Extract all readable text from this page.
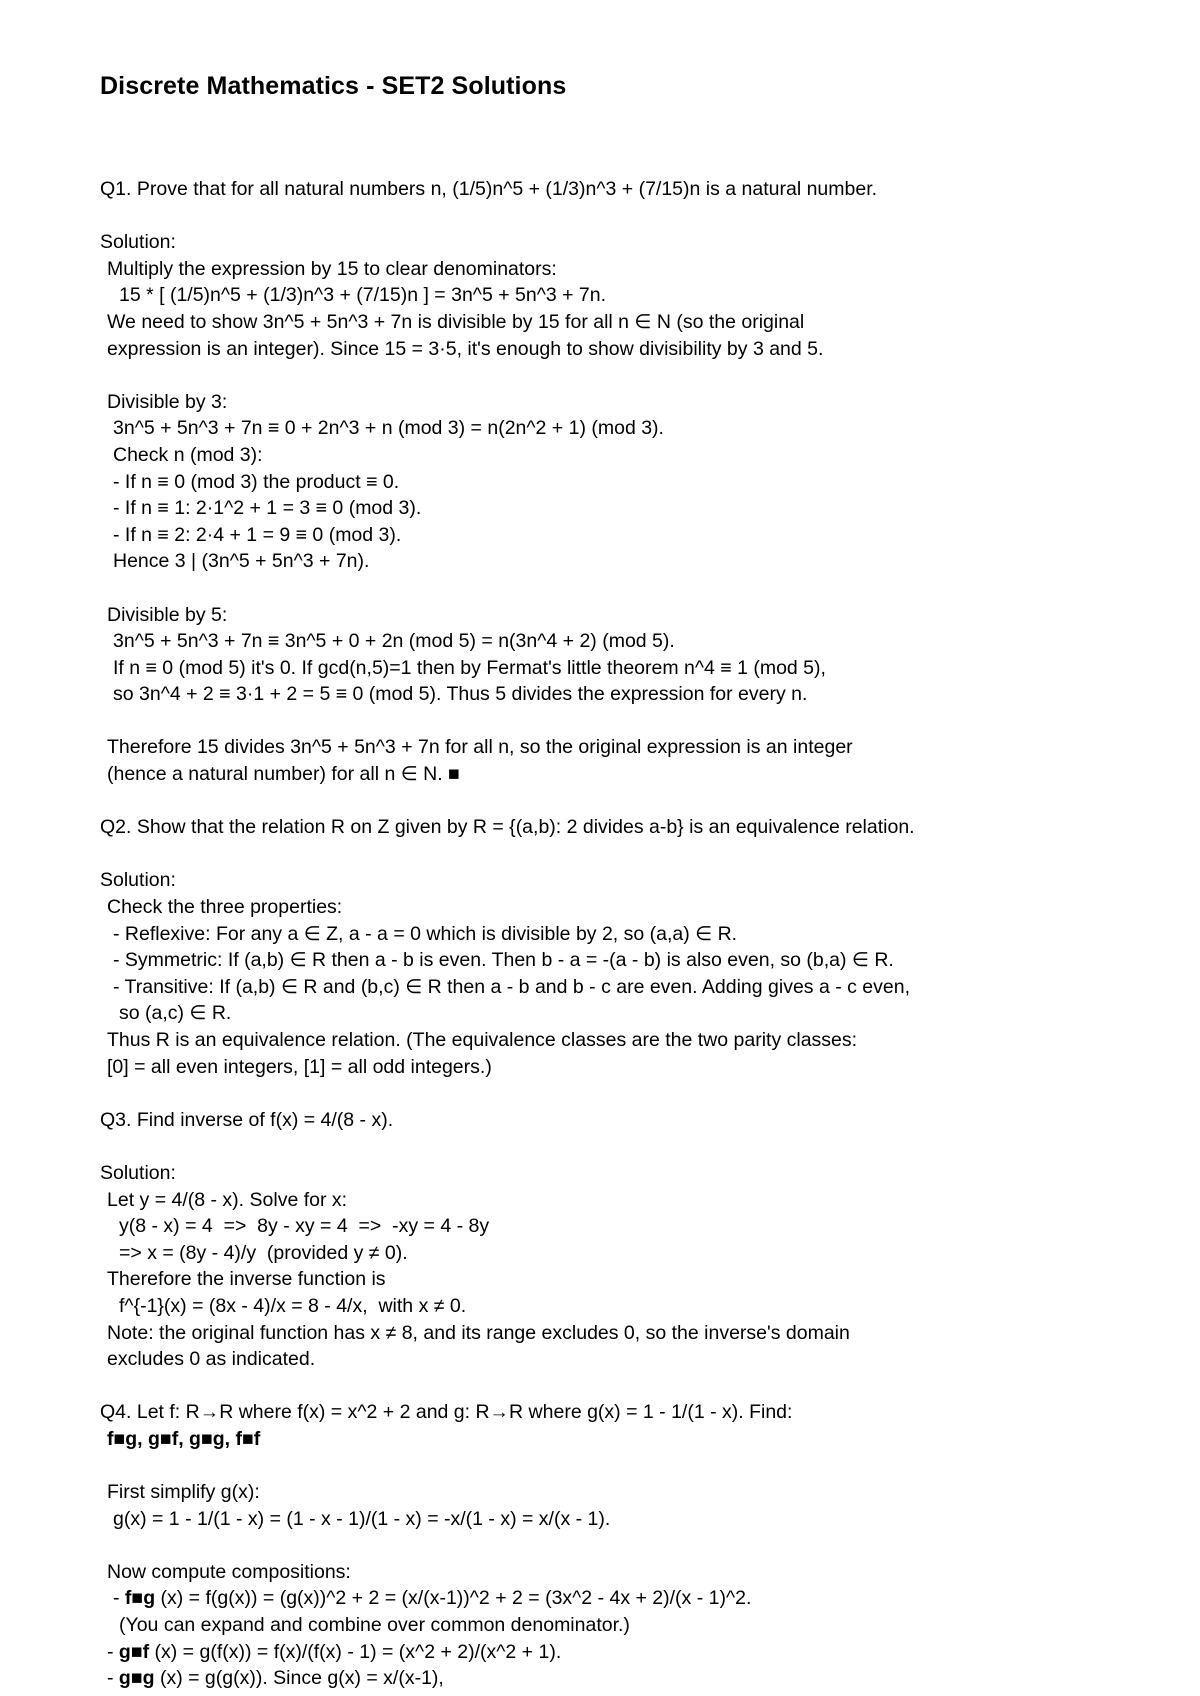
Discrete Mathematics - SET2 Solutions
Q1. Prove that for all natural numbers n, (1/5)n^5 + (1/3)n^3 + (7/15)n is a natural number.
Solution:
Multiply the expression by 15 to clear denominators:
15 * [ (1/5)n^5 + (1/3)n^3 + (7/15)n ] = 3n^5 + 5n^3 + 7n.
We need to show 3n^5 + 5n^3 + 7n is divisible by 15 for all n ∈ N (so the original
expression is an integer). Since 15 = 3·5, it's enough to show divisibility by 3 and 5.
Divisible by 3:
3n^5 + 5n^3 + 7n ≡ 0 + 2n^3 + n (mod 3) = n(2n^2 + 1) (mod 3).
Check n (mod 3):
- If n ≡ 0 (mod 3) the product ≡ 0.
- If n ≡ 1: 2·1^2 + 1 = 3 ≡ 0 (mod 3).
- If n ≡ 2: 2·4 + 1 = 9 ≡ 0 (mod 3).
Hence 3 | (3n^5 + 5n^3 + 7n).
Divisible by 5:
3n^5 + 5n^3 + 7n ≡ 3n^5 + 0 + 2n (mod 5) = n(3n^4 + 2) (mod 5).
If n ≡ 0 (mod 5) it's 0. If gcd(n,5)=1 then by Fermat's little theorem n^4 ≡ 1 (mod 5),
so 3n^4 + 2 ≡ 3·1 + 2 = 5 ≡ 0 (mod 5). Thus 5 divides the expression for every n.
Therefore 15 divides 3n^5 + 5n^3 + 7n for all n, so the original expression is an integer
(hence a natural number) for all n ∈ N. ■
Q2. Show that the relation R on Z given by R = {(a,b): 2 divides a-b} is an equivalence relation.
Solution:
Check the three properties:
- Reflexive: For any a ∈ Z, a - a = 0 which is divisible by 2, so (a,a) ∈ R.
- Symmetric: If (a,b) ∈ R then a - b is even. Then b - a = -(a - b) is also even, so (b,a) ∈ R.
- Transitive: If (a,b) ∈ R and (b,c) ∈ R then a - b and b - c are even. Adding gives a - c even,
so (a,c) ∈ R.
Thus R is an equivalence relation. (The equivalence classes are the two parity classes:
[0] = all even integers, [1] = all odd integers.)
Q3. Find inverse of f(x) = 4/(8 - x).
Solution:
Let y = 4/(8 - x). Solve for x:
y(8 - x) = 4  =>  8y - xy = 4  =>  -xy = 4 - 8y
=> x = (8y - 4)/y  (provided y ≠ 0).
Therefore the inverse function is
f^{-1}(x) = (8x - 4)/x = 8 - 4/x,  with x ≠ 0.
Note: the original function has x ≠ 8, and its range excludes 0, so the inverse's domain
excludes 0 as indicated.
Q4. Let f: R→R where f(x) = x^2 + 2 and g: R→R where g(x) = 1 - 1/(1 - x). Find:
f■g, g■f, g■g, f■f
First simplify g(x):
g(x) = 1 - 1/(1 - x) = (1 - x - 1)/(1 - x) = -x/(1 - x) = x/(x - 1).
Now compute compositions:
- f■g (x) = f(g(x)) = (g(x))^2 + 2 = (x/(x-1))^2 + 2 = (3x^2 - 4x + 2)/(x - 1)^2.
(You can expand and combine over common denominator.)
- g■f (x) = g(f(x)) = f(x)/(f(x) - 1) = (x^2 + 2)/(x^2 + 1).
- g■g (x) = g(g(x)). Since g(x) = x/(x-1),
